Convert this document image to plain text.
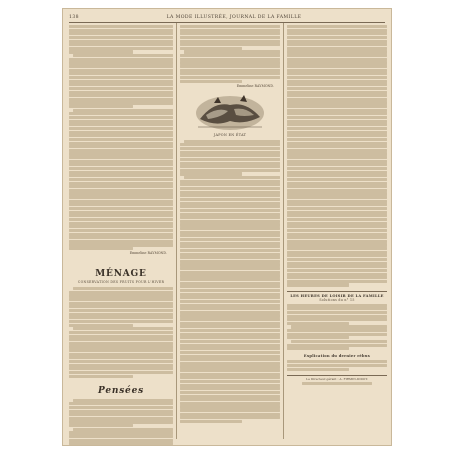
138	LA MODE ILLUSTRÉE, JOURNAL DE LA FAMILLE
Emmeline RAYMOND.
MÉNAGE
CONSERVATION DES FRUITS POUR L'HIVER
Pensées
Emmeline RAYMOND.
JAPON EN ÉTAT
LES HEURES DE LOISIR DE LA FAMILLE
Solutions du n° 15
Explication du dernier rébus
Le Directeur-gérant : A. FIRMIN-DIDOT.
